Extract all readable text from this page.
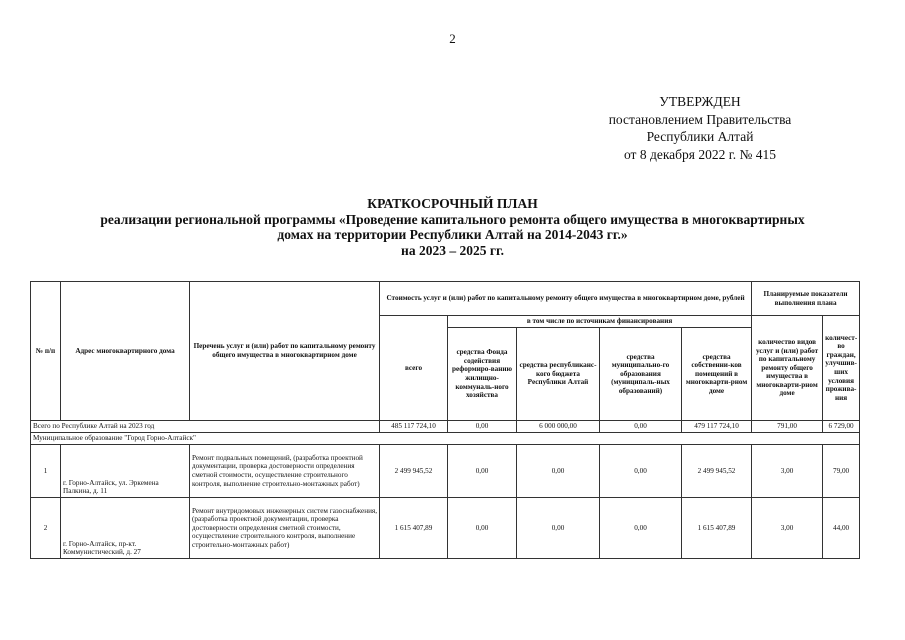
2
УТВЕРЖДЕН
постановлением Правительства
Республики Алтай
от 8 декабря 2022 г. № 415
КРАТКОСРОЧНЫЙ ПЛАН
реализации региональной программы «Проведение капитального ремонта общего имущества в многоквартирных
домах на территории Республики Алтай на 2014-2043 гг.»
на 2023 – 2025 гг.
№ п/п	Адрес многоквартирного дома	Перечень услуг и (или) работ по капитальному ремонту общего имущества в многоквартирном доме	Стоимость услуг и (или) работ по капитальному ремонту общего имущества в многоквартирном доме, рублей					Планируемые показатели выполнения плана	
			всего	в том числе по источникам финансирования				количество видов услуг и (или) работ по капитальному ремонту общего имущества в многокварти-рном доме	количест-во граждан, улучшив-ших условия прожива-ния
				средства Фонда содействия реформиро-ванию жилищно-коммуналь-ного хозяйства	средства республиканс-кого бюджета Республики Алтай	средства муниципально-го образования (муниципаль-ных образований)	средства собственни-ков помещений в многокварти-рном доме		
Всего по Республике Алтай на 2023 год			485 117 724,10	0,00	6 000 000,00	0,00	479 117 724,10	791,00	6 729,00
Муниципальное образование "Город Горно-Алтайск"									
1	г. Горно-Алтайск, ул. Эркемена Палкина, д. 11	Ремонт подвальных помещений, (разработка проектной документации, проверка достоверности определения сметной стоимости, осуществление строительного контроля, выполнение строительно-монтажных работ)	2 499 945,52	0,00	0,00	0,00	2 499 945,52	3,00	79,00
2	г. Горно-Алтайск, пр-кт. Коммунистический, д. 27	Ремонт внутридомовых инженерных систем газоснабжения, (разработка проектной документации, проверка достоверности определения сметной стоимости, осуществление строительного контроля, выполнение строительно-монтажных работ)	1 615 407,89	0,00	0,00	0,00	1 615 407,89	3,00	44,00
